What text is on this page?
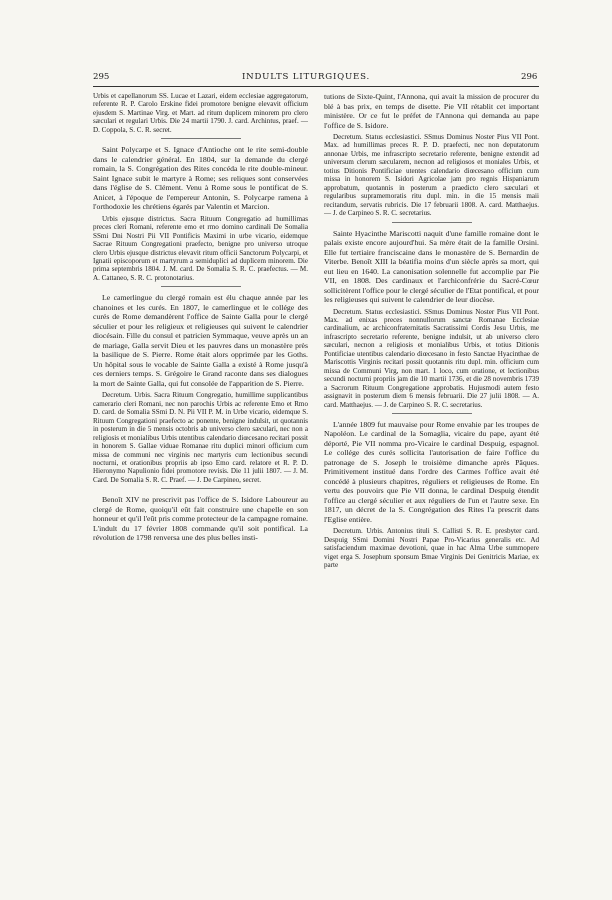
295	INDULTS LITURGIQUES.	296

Urbis et capellanorum SS. Lucae et Lazari, eidem ecclesiae aggregatorum, referente R. P. Carolo Erskine fidei promotore benigne elevavit officium ejusdem S. Martinae Virg. et Mart. ad ritum duplicem minorem pro clero sæculari et regulari Urbis. Die 24 martii 1790. J. card. Archintus, praef. — D. Coppola, S. C. R. secret.

Saint Polycarpe et S. Ignace d'Antioche ont le rite semi-double dans le calendrier général. En 1804, sur la demande du clergé romain, la S. Congrégation des Rites concéda le rite double-mineur. Saint Ignace subit le martyre à Rome; ses reliques sont conservées dans l'église de S. Clément. Venu à Rome sous le pontificat de S. Anicet, à l'époque de l'empereur Antonin, S. Polycarpe ramena à l'orthodoxie les chrétiens égarés par Valentin et Marcion.

Urbis ejusque districtus. Sacra Rituum Congregatio ad humillimas preces cleri Romani, referente emo et rmo domino cardinali De Somalia SSmi Dni Nostri Pii VII Pontificis Maximi in urbe vicario, eidemque Sacrae Rituum Congregationi praefecto, benigne pro universo utroque clero Urbis ejusque districtus elevavit ritum officii Sanctorum Polycarpi, et Ignatii episcoporum et martyrum a semiduplici ad duplicem minorem. Die prima septembris 1804. J. M. card. De Somalia S. R. C. praefectus. — M. A. Cattaneo, S. R. C. protonotarius.

Le camerlingue du clergé romain est élu chaque année par les chanoines et les curés. En 1807, le camerlingue et le collége des curés de Rome demandèrent l'office de Sainte Galla pour le clergé séculier et pour les religieux et religieuses qui suivent le calendrier diocésain. Fille du consul et patricien Symmaque, veuve après un an de mariage, Galla servit Dieu et les pauvres dans un monastère près la basilique de S. Pierre. Rome était alors opprimée par les Goths. Un hôpital sous le vocable de Sainte Galla a existé à Rome jusqu'à ces derniers temps. S. Grégoire le Grand raconte dans ses dialogues la mort de Sainte Galla, qui fut consolée de l'apparition de S. Pierre.

Decretum. Urbis. Sacra Rituum Congregatio, humillime supplicantibus camerario cleri Romani, nec non parochis Urbis ac referente Emo et Rmo D. card. de Somalia SSmi D. N. Pii VII P. M. in Urbe vicario, eidemque S. Rituum Congregationi praefecto ac ponente, benigne indulsit, ut quotannis in posterum in die 5 mensis octobris ab universo clero sæculari, nec non a religiosis et monialibus Urbis utentibus calendario diœcesano recitari possit in honorem S. Gallae viduae Romanae ritu duplici minori officium cum missa de communi nec virginis nec martyris cum lectionibus secundi nocturni, et orationibus propriis ab ipso Emo card. relatore et R. P. D. Hieronymo Napulionio fidei promotore revisis. Die 11 julii 1807. — J. M. Card. De Somalia S. R. C. Praef. — J. De Carpineo, secret.

Benoît XIV ne prescrivit pas l'office de S. Isidore Laboureur au clergé de Rome, quoiqu'il eût fait construire une chapelle en son honneur et qu'il l'eût pris comme protecteur de la campagne romaine. L'indult du 17 février 1808 commande qu'il soit pontifical. La révolution de 1798 renversa une des plus belles insti-

tutions de Sixte-Quint, l'Annona, qui avait la mission de procurer du blé à bas prix, en temps de disette. Pie VII rétablit cet important ministère. Or ce fut le préfet de l'Annona qui demanda au pape l'office de S. Isidore.

Decretum. Status ecclesiastici. SSmus Dominus Noster Pius VII Pont. Max. ad humillimas preces R. P. D. praefecti, nec non deputatorum annonae Urbis, me infrascripto secretario referente, benigne extendit ad universum clerum sæcularem, necnon ad religiosos et moniales Urbis, et totius Ditionis Pontificiae utentes calendario diœcesano officium cum missa in honorem S. Isidori Agricolae jam pro regnis Hispaniarum approbatum, quotannis in posterum a praedicto clero sæculari et regularibus supramemoratis ritu dupl. min. in die 15 mensis maii recitandum, servatis rubricis. Die 17 februarii 1808. A. card. Matthaejus. — J. de Carpineo S. R. C. secretarius.

Sainte Hyacinthe Mariscotti naquit d'une famille romaine dont le palais existe encore aujourd'hui. Sa mère était de la famille Orsini. Elle fut tertiaire franciscaine dans le monastère de S. Bernardin de Viterbe. Benoît XIII la béatifia moins d'un siècle après sa mort, qui eut lieu en 1640. La canonisation solennelle fut accomplie par Pie VII, en 1808. Des cardinaux et l'archiconfrérie du Sacré-Cœur sollicitèrent l'office pour le clergé séculier de l'Etat pontifical, et pour les religieuses qui suivent le calendrier de leur diocèse.

Decretum. Status ecclesiastici. SSmus Dominus Noster Pius VII Pont. Max. ad enixas preces nonnullorum sanctæ Romanae Ecclesiae cardinalium, ac archiconfraternitatis Sacratissimi Cordis Jesu Urbis, me infrascripto secretario referente, benigne indulsit, ut ab universo clero sæculari, necnon a religiosis et monialibus Urbis, et totius Ditionis Pontificiae utentibus calendario diœcesano in festo Sanctae Hyacinthae de Mariscottis Virginis recitari possit quotannis ritu dupl. min. officium cum missa de Communi Virg, non mart. 1 loco, cum oratione, et lectionibus secundi nocturni propriis jam die 10 martii 1736, et die 28 novembris 1739 a Sacrorum Rituum Congregatione approbatis. Hujusmodi autem festo assignavit in posterum diem 6 mensis februarii. Die 27 julii 1808. — A. card. Matthaejus. — J. de Carpineo S. R. C. secretarius.

L'année 1809 fut mauvaise pour Rome envahie par les troupes de Napoléon. Le cardinal de la Somaglia, vicaire du pape, ayant été déporté, Pie VII nomma pro-Vicaire le cardinal Despuig, espagnol. Le collége des curés sollicita l'autorisation de faire l'office du patronage de S. Joseph le troisième dimanche après Pâques. Primitivement institué dans l'ordre des Carmes l'office avait été concédé à plusieurs chapitres, réguliers et religieuses de Rome. En vertu des pouvoirs que Pie VII donna, le cardinal Despuig étendit l'office au clergé séculier et aux réguliers de l'un et l'autre sexe. En 1817, un décret de la S. Congrégation des Rites l'a prescrit dans l'Eglise entière.

Decretum. Urbis. Antonius tituli S. Callisti S. R. E. presbyter card. Despuig SSmi Domini Nostri Papae Pro-Vicarius generalis etc. Ad satisfaciendum maximae devotioni, quae in hac Alma Urbe summopere viget erga S. Josephum sponsum Bmae Virginis Dei Genitricis Mariae, ex parte
